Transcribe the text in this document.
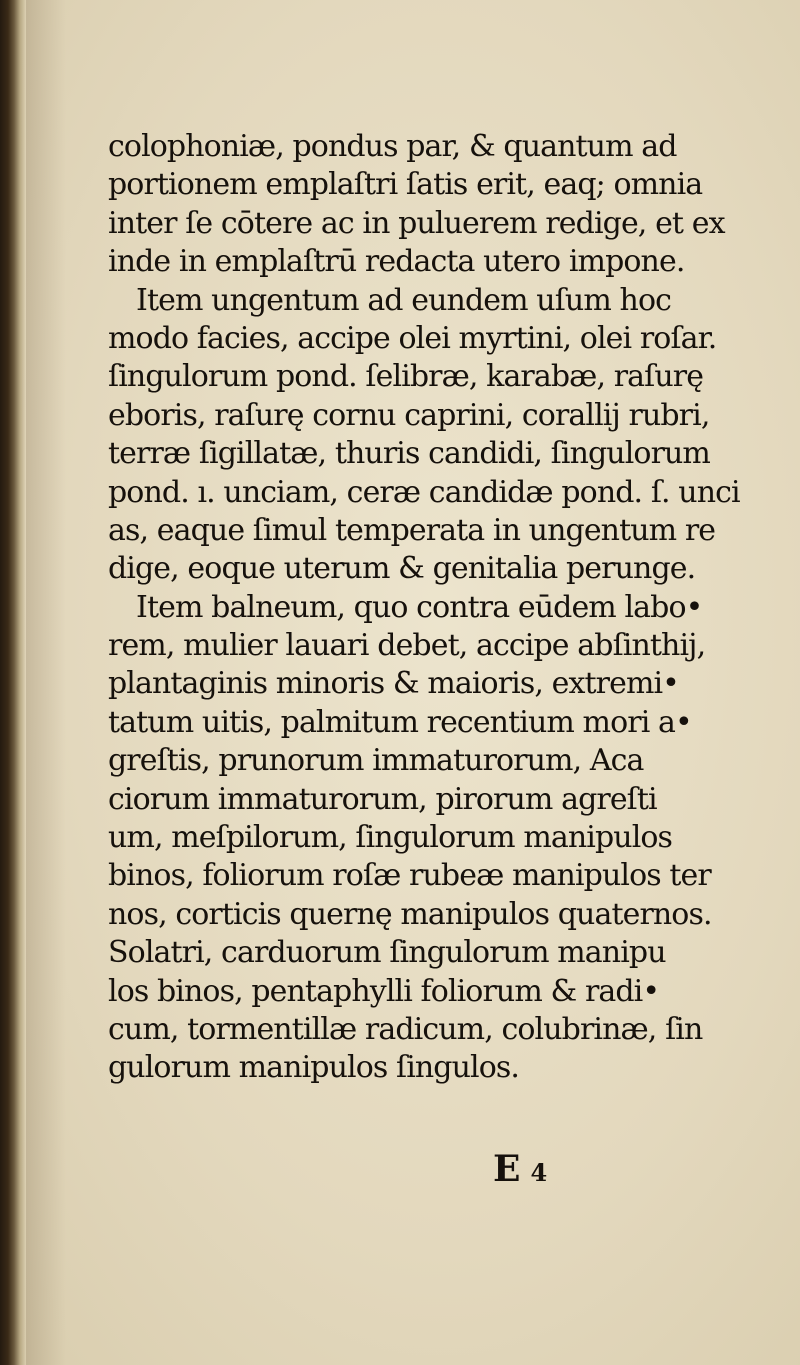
colophoniæ, pondus par, & quantum ad
portionem emplaſtri ſatis erit, eaq; omnia
inter ſe cōtere ac in puluerem redige, et ex
inde in emplaſtrū redacta utero impone.
Item ungentum ad eundem uſum hoc
modo facies, accipe olei myrtini, olei roſar.
ſingulorum pond. ſelibræ, karabæ, raſurę
eboris, raſurę cornu caprini, corallij rubri,
terræ ſigillatæ, thuris candidi, ſingulorum
pond. ı. unciam, ceræ candidæ pond. ſ. unci
as, eaque ſimul temperata in ungentum re
dige, eoque uterum & genitalia perunge.
Item balneum, quo contra eūdem labo•
rem, mulier lauari debet, accipe abſinthij,
plantaginis minoris & maioris, extremi•
tatum uitis, palmitum recentium mori a•
greſtis, prunorum immaturorum, Aca
ciorum immaturorum, pirorum agreſti
um, meſpilorum, ſingulorum manipulos
binos, foliorum roſæ rubeæ manipulos ter
nos, corticis quernę manipulos quaternos.
Solatri, carduorum ſingulorum manipu
los binos, pentaphylli foliorum & radi•
cum, tormentillæ radicum, colubrinæ, ſin
gulorum manipulos ſingulos.
E4
